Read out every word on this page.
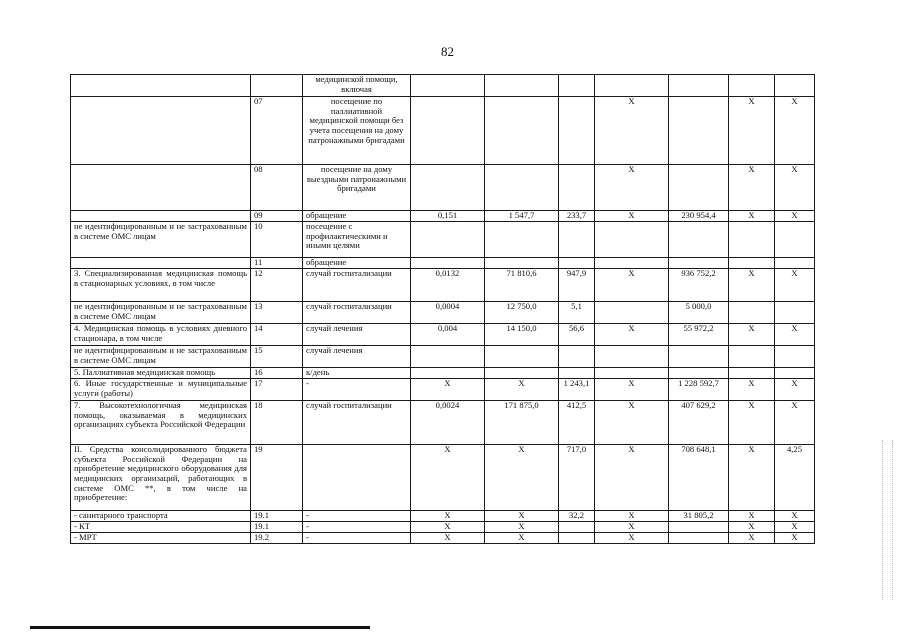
82
		медицинской помощи, включая							
	07	посещение по паллиативной медицинской помощи без учета посещения на дому патронажными бригадами				X		X	X
	08	посещение на дому выездными патронажными бригадами				X		X	X
	09	обращение	0,151	1 547,7	233,7	X	230 954,4	X	X
не идентифицированным и не застрахованным в системе ОМС лицам	10	посещение с профилактическими и иными целями							
	11	обращение							
3. Специализированная медицинская помощь в стационарных условиях, в том числе	12	случай госпитализации	0,0132	71 810,6	947,9	X	936 752,2	X	X
не идентифицированным и не застрахованным в системе ОМС лицам	13	случай госпитализации	0,0004	12 750,0	5,1		5 000,0		
4. Медицинская помощь в условиях дневного стационара, в том числе	14	случай лечения	0,004	14 150,0	56,6	X	55 972,2	X	X
не идентифицированным и не застрахованным в системе ОМС лицам	15	случай лечения							
5. Паллиативная медицинская помощь	16	к/день							
6. Иные государственные и муниципальные услуги (работы)	17	-	X	X	1 243,1	X	1 228 592,7	X	X
7. Высокотехнологичная медицинская помощь, оказываемая в медицинских организациях субъекта Российской Федерации	18	случай госпитализации	0,0024	171 875,0	412,5	X	407 629,2	X	X
II. Средства консолидированного бюджета субъекта Российской Федерации на приобретение медицинского оборудования для медицинских организаций, работающих в системе ОМС **, в том числе на приобретение:	19		X	X	717,0	X	708 648,1	X	4,25
- санитарного транспорта	19.1	-	X	X	32,2	X	31 805,2	X	X
- КТ	19.1	-	X	X		X		X	X
- МРТ	19.2	-	X	X		X		X	X
